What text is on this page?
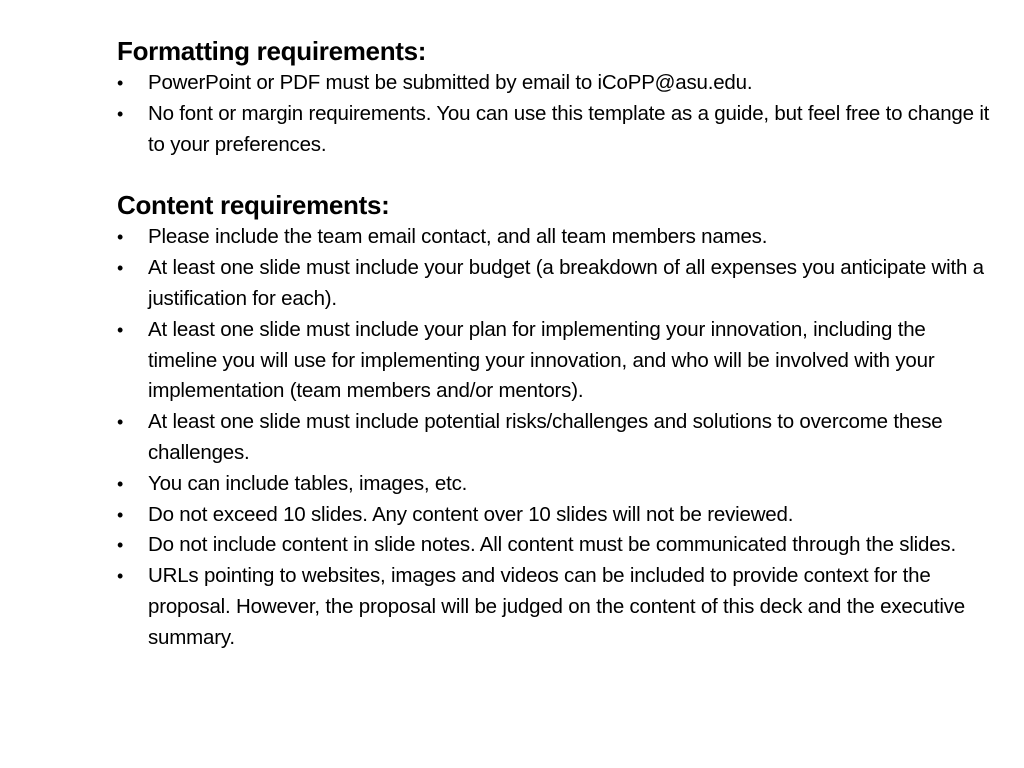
Formatting requirements:
•	PowerPoint or PDF must be submitted by email to iCoPP@asu.edu.
•	No font or margin requirements. You can use this template as a guide, but feel free to change it to your preferences.
Content requirements:
•	Please include the team email contact, and all team members names.
•	At least one slide must include your budget (a breakdown of all expenses you anticipate with a justification for each).
•	At least one slide must include your plan for implementing your innovation, including the timeline you will use for implementing your innovation, and who will be involved with your implementation (team members and/or mentors).
•	At least one slide must include potential risks/challenges and solutions to overcome these challenges.
•	You can include tables, images, etc.
•	Do not exceed 10 slides. Any content over 10 slides will not be reviewed.
•	Do not include content in slide notes. All content must be communicated through the slides.
•	URLs pointing to websites, images and videos can be included to provide context for the proposal. However, the proposal will be judged on the content of this deck and the executive summary.
